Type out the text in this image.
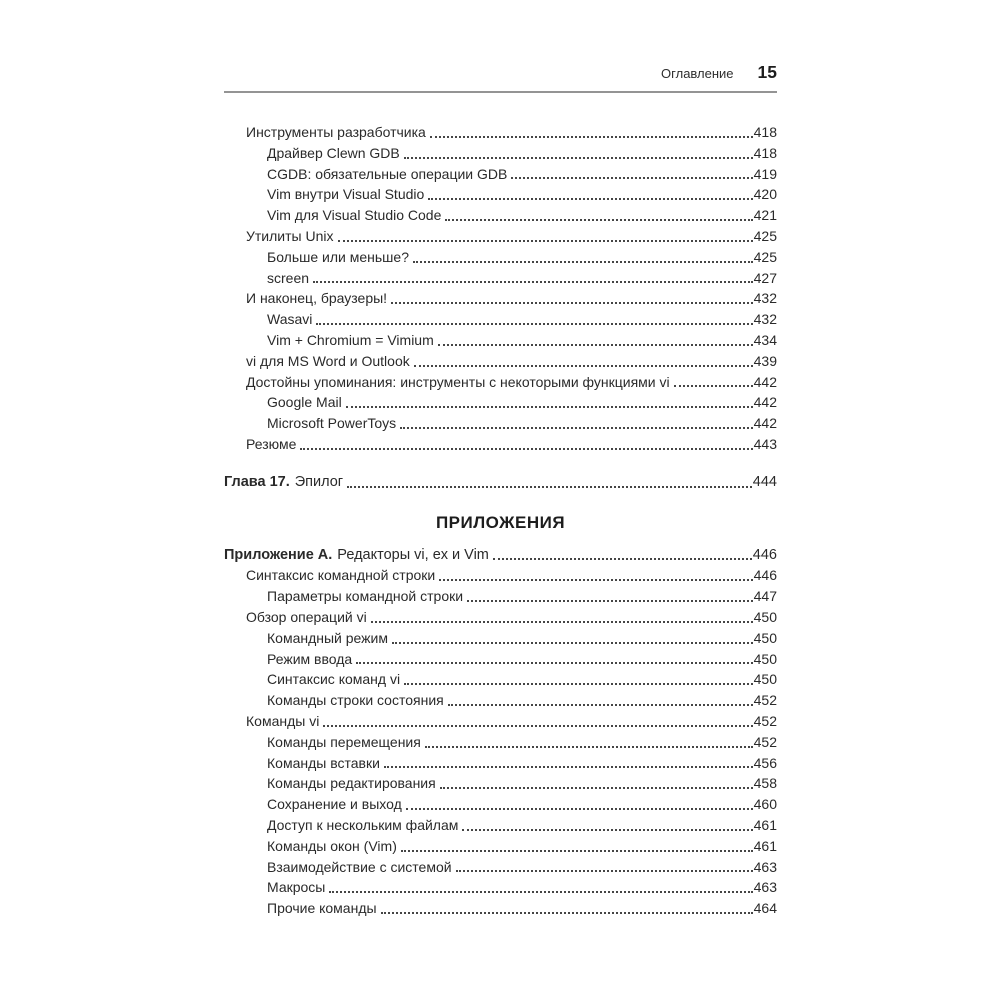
Оглавление 15
Инструменты разработчика	418
Драйвер Clewn GDB	418
CGDB: обязательные операции GDB	419
Vim внутри Visual Studio	420
Vim для Visual Studio Code	421
Утилиты Unix	425
Больше или меньше?	425
screen	427
И наконец, браузеры!	432
Wasavi	432
Vim + Chromium = Vimium	434
vi для MS Word и Outlook	439
Достойны упоминания: инструменты с некоторыми функциями vi	442
Google Mail	442
Microsoft PowerToys	442
Резюме	443
Глава 17. Эпилог	444
ПРИЛОЖЕНИЯ
Приложение А. Редакторы vi, ex и Vim	446
Синтаксис командной строки	446
Параметры командной строки	447
Обзор операций vi	450
Командный режим	450
Режим ввода	450
Синтаксис команд vi	450
Команды строки состояния	452
Команды vi	452
Команды перемещения	452
Команды вставки	456
Команды редактирования	458
Сохранение и выход	460
Доступ к нескольким файлам	461
Команды окон (Vim)	461
Взаимодействие с системой	463
Макросы	463
Прочие команды	464
